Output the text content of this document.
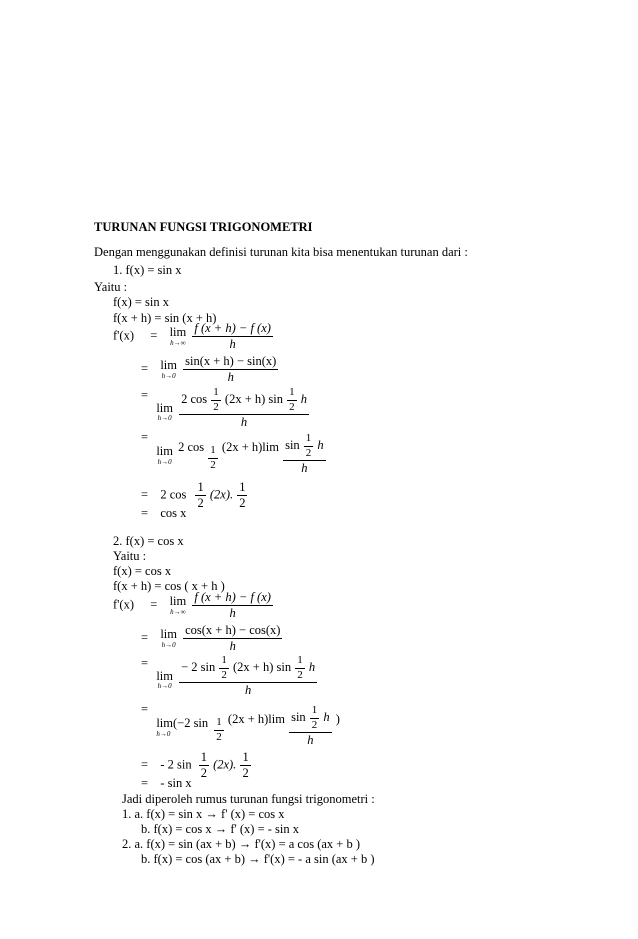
TURUNAN FUNGSI TRIGONOMETRI
Dengan menggunakan definisi turunan kita bisa menentukan turunan dari :
1. f(x) = sin x
Yaitu :
f(x) = sin x
f(x + h) = sin (x + h)
f'(x) = lim
h→∞
$\frac{f (x + h) - f (x)}{h}$
= lim
h→0
$\frac{\sin(x + h) - \sin(x)}{h}$
=
lim
h→0
$\frac{2 \cos \frac{1}{2} (2x + h) \sin \frac{1}{2} h}{h}$
=
lim
h→0
2 $\cos \frac{1}{2} (2x + h)\lim \frac{\sin \frac{1}{2} h}{h}$
= 2 $\cos \frac{1}{2} (2x)$. $\frac{1}{2}$
= cos x
2. f(x) = cos x
Yaitu :
f(x) = cos x
f(x + h) = cos ( x + h )
f'(x) = lim
h→∞
$\frac{f (x + h) - f (x)}{h}$
= lim
h→0
$\frac{\cos(x + h) - \cos(x)}{h}$
=
lim
h→0
$\frac{- 2 \sin \frac{1}{2} (2x + h) \sin \frac{1}{2} h}{h}$
=
lim(−2 sin
h→0
	$\frac{1}{2} (2x + h)\lim \frac{\sin \frac{1}{2} h}{h}$ )
= - 2 $\sin \frac{1}{2} (2x)$. $\frac{1}{2}$
= - sin x
Jadi diperoleh rumus turunan fungsi trigonometri :
1. a. f(x) = sin x → f' (x) = cos x
b. f(x) = cos x → f' (x) = - sin x
2. a. f(x) = sin (ax + b) → f'(x) = a cos (ax + b )
b. f(x) = cos (ax + b) → f'(x) = - a sin (ax + b )
